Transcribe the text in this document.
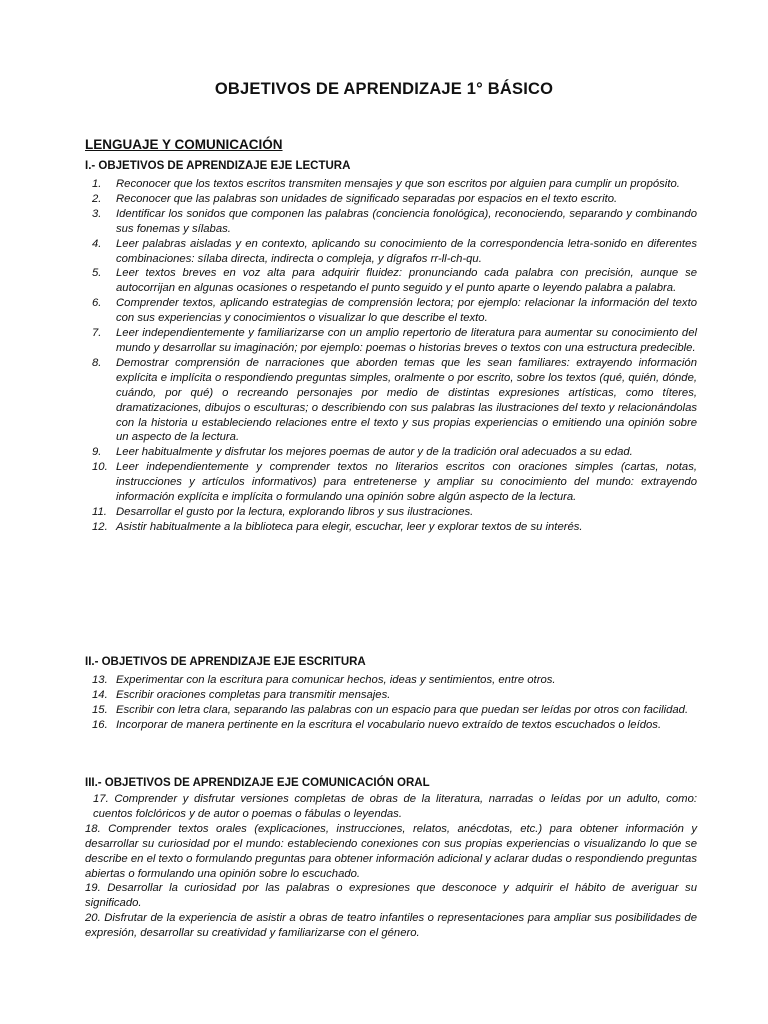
OBJETIVOS DE APRENDIZAJE 1° BÁSICO
LENGUAJE Y COMUNICACIÓN

I.- OBJETIVOS DE APRENDIZAJE EJE LECTURA

1. Reconocer que los textos escritos transmiten mensajes y que son escritos por alguien para cumplir un propósito.
2. Reconocer que las palabras son unidades de significado separadas por espacios en el texto escrito.
3. Identificar los sonidos que componen las palabras (conciencia fonológica), reconociendo, separando y combinando sus fonemas y sílabas.
4. Leer palabras aisladas y en contexto, aplicando su conocimiento de la correspondencia letra-sonido en diferentes combinaciones: sílaba directa, indirecta o compleja, y dígrafos rr-ll-ch-qu.
5. Leer textos breves en voz alta para adquirir fluidez: pronunciando cada palabra con precisión, aunque se autocorrijan en algunas ocasiones o respetando el punto seguido y el punto aparte o leyendo palabra a palabra.
6. Comprender textos, aplicando estrategias de comprensión lectora; por ejemplo: relacionar la información del texto con sus experiencias y conocimientos o visualizar lo que describe el texto.
7. Leer independientemente y familiarizarse con un amplio repertorio de literatura para aumentar su conocimiento del mundo y desarrollar su imaginación; por ejemplo: poemas o historias breves o textos con una estructura predecible.
8. Demostrar comprensión de narraciones que aborden temas que les sean familiares: extrayendo información explícita e implícita o respondiendo preguntas simples, oralmente o por escrito, sobre los textos (qué, quién, dónde, cuándo, por qué) o recreando personajes por medio de distintas expresiones artísticas, como títeres, dramatizaciones, dibujos o esculturas; o describiendo con sus palabras las ilustraciones del texto y relacionándolas con la historia u estableciendo relaciones entre el texto y sus propias experiencias o emitiendo una opinión sobre un aspecto de la lectura.
9. Leer habitualmente y disfrutar los mejores poemas de autor y de la tradición oral adecuados a su edad.
10. Leer independientemente y comprender textos no literarios escritos con oraciones simples (cartas, notas, instrucciones y artículos informativos) para entretenerse y ampliar su conocimiento del mundo: extrayendo información explícita e implícita o formulando una opinión sobre algún aspecto de la lectura.
11. Desarrollar el gusto por la lectura, explorando libros y sus ilustraciones.
12. Asistir habitualmente a la biblioteca para elegir, escuchar, leer y explorar textos de su interés.

II.- OBJETIVOS DE APRENDIZAJE EJE ESCRITURA

13. Experimentar con la escritura para comunicar hechos, ideas y sentimientos, entre otros.
14. Escribir oraciones completas para transmitir mensajes.
15. Escribir con letra clara, separando las palabras con un espacio para que puedan ser leídas por otros con facilidad.
16. Incorporar de manera pertinente en la escritura el vocabulario nuevo extraído de textos escuchados o leídos.

III.- OBJETIVOS DE APRENDIZAJE EJE COMUNICACIÓN ORAL

17. Comprender y disfrutar versiones completas de obras de la literatura, narradas o leídas por un adulto, como: cuentos folclóricos y de autor o poemas o fábulas o leyendas.
18. Comprender textos orales (explicaciones, instrucciones, relatos, anécdotas, etc.) para obtener información y desarrollar su curiosidad por el mundo: estableciendo conexiones con sus propias experiencias o visualizando lo que se describe en el texto o formulando preguntas para obtener información adicional y aclarar dudas o respondiendo preguntas abiertas o formulando una opinión sobre lo escuchado.
19. Desarrollar la curiosidad por las palabras o expresiones que desconoce y adquirir el hábito de averiguar su significado.
20. Disfrutar de la experiencia de asistir a obras de teatro infantiles o representaciones para ampliar sus posibilidades de expresión, desarrollar su creatividad y familiarizarse con el género.
